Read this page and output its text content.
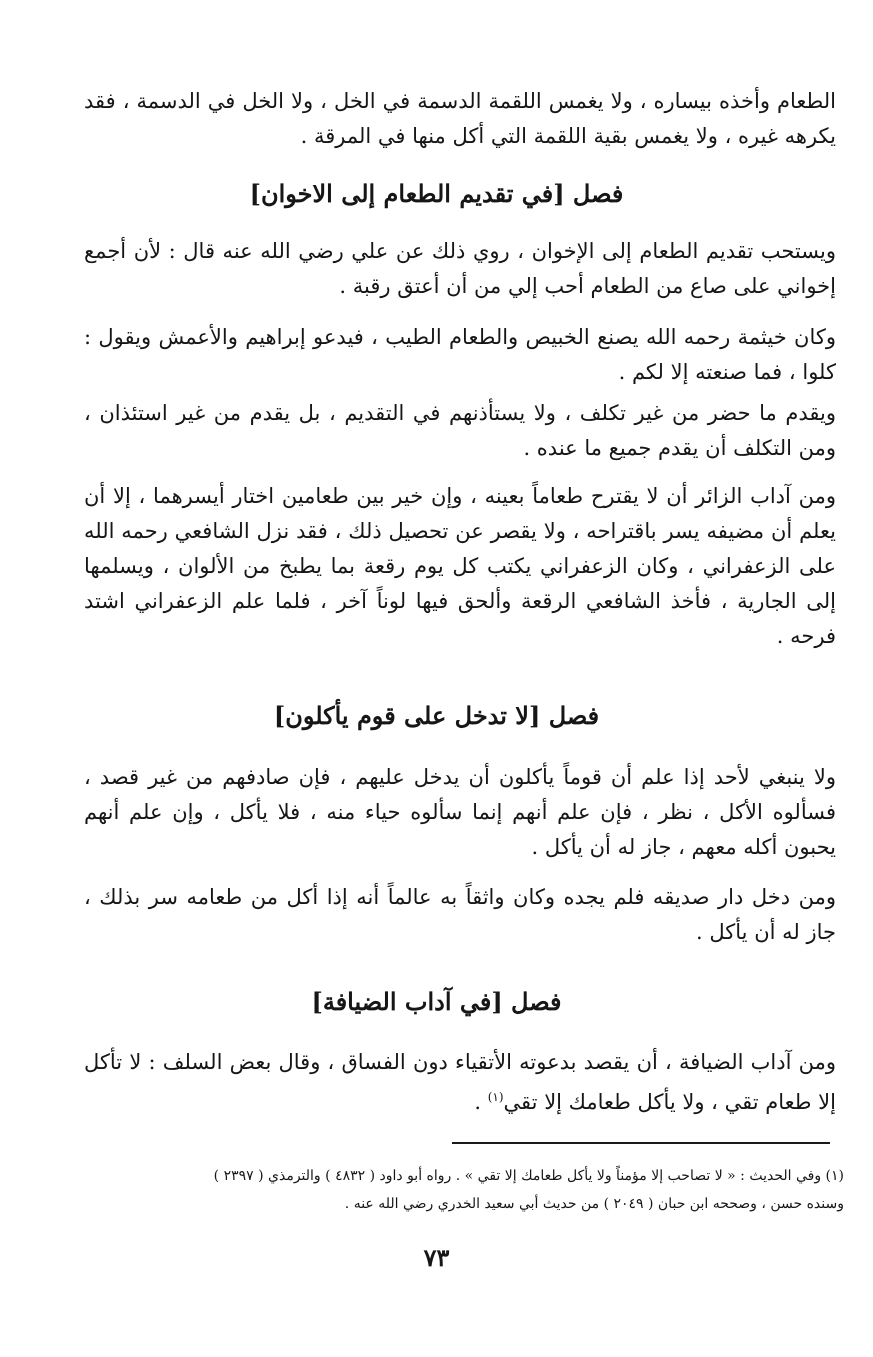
الطعام وأخذه بيساره ، ولا يغمس اللقمة الدسمة في الخل ، ولا الخل في الدسمة ، فقد يكرهه غيره ، ولا يغمس بقية اللقمة التي أكل منها في المرقة .

فصل [في تقديم الطعام إلى الاخوان]

ويستحب تقديم الطعام إلى الإخوان ، روي ذلك عن علي رضي الله عنه قال : لأن أجمع إخواني على صاع من الطعام أحب إلي من أن أعتق رقبة .

وكان خيثمة رحمه الله يصنع الخبيص والطعام الطيب ، فيدعو إبراهيم والأعمش ويقول : كلوا ، فما صنعته إلا لكم .

ويقدم ما حضر من غير تكلف ، ولا يستأذنهم في التقديم ، بل يقدم من غير استئذان ، ومن التكلف أن يقدم جميع ما عنده .

ومن آداب الزائر أن لا يقترح طعاماً بعينه ، وإن خير بين طعامين اختار أيسرهما ، إلا أن يعلم أن مضيفه يسر باقتراحه ، ولا يقصر عن تحصيل ذلك ، فقد نزل الشافعي رحمه الله على الزعفراني ، وكان الزعفراني يكتب كل يوم رقعة بما يطبخ من الألوان ، ويسلمها إلى الجارية ، فأخذ الشافعي الرقعة وألحق فيها لوناً آخر ، فلما علم الزعفراني اشتد فرحه .

فصل [لا تدخل على قوم يأكلون]

ولا ينبغي لأحد إذا علم أن قوماً يأكلون أن يدخل عليهم ، فإن صادفهم من غير قصد ، فسألوه الأكل ، نظر ، فإن علم أنهم إنما سألوه حياء منه ، فلا يأكل ، وإن علم أنهم يحبون أكله معهم ، جاز له أن يأكل .

ومن دخل دار صديقه فلم يجده وكان واثقاً به عالماً أنه إذا أكل من طعامه سر بذلك ، جاز له أن يأكل .

فصل [في آداب الضيافة]

ومن آداب الضيافة ، أن يقصد بدعوته الأتقياء دون الفساق ، وقال بعض السلف : لا تأكل إلا طعام تقي ، ولا يأكل طعامك إلا تقي$^{(١)}$ .

(١) وفي الحديث : « لا تصاحب إلا مؤمناً ولا يأكل طعامك إلا تقي » . رواه أبو داود ( ٤٨٣٢ ) والترمذي ( ٢٣٩٧ )
وسنده حسن ، وصححه ابن حبان ( ٢٠٤٩ ) من حديث أبي سعيد الخدري رضي الله عنه .
٧٣
